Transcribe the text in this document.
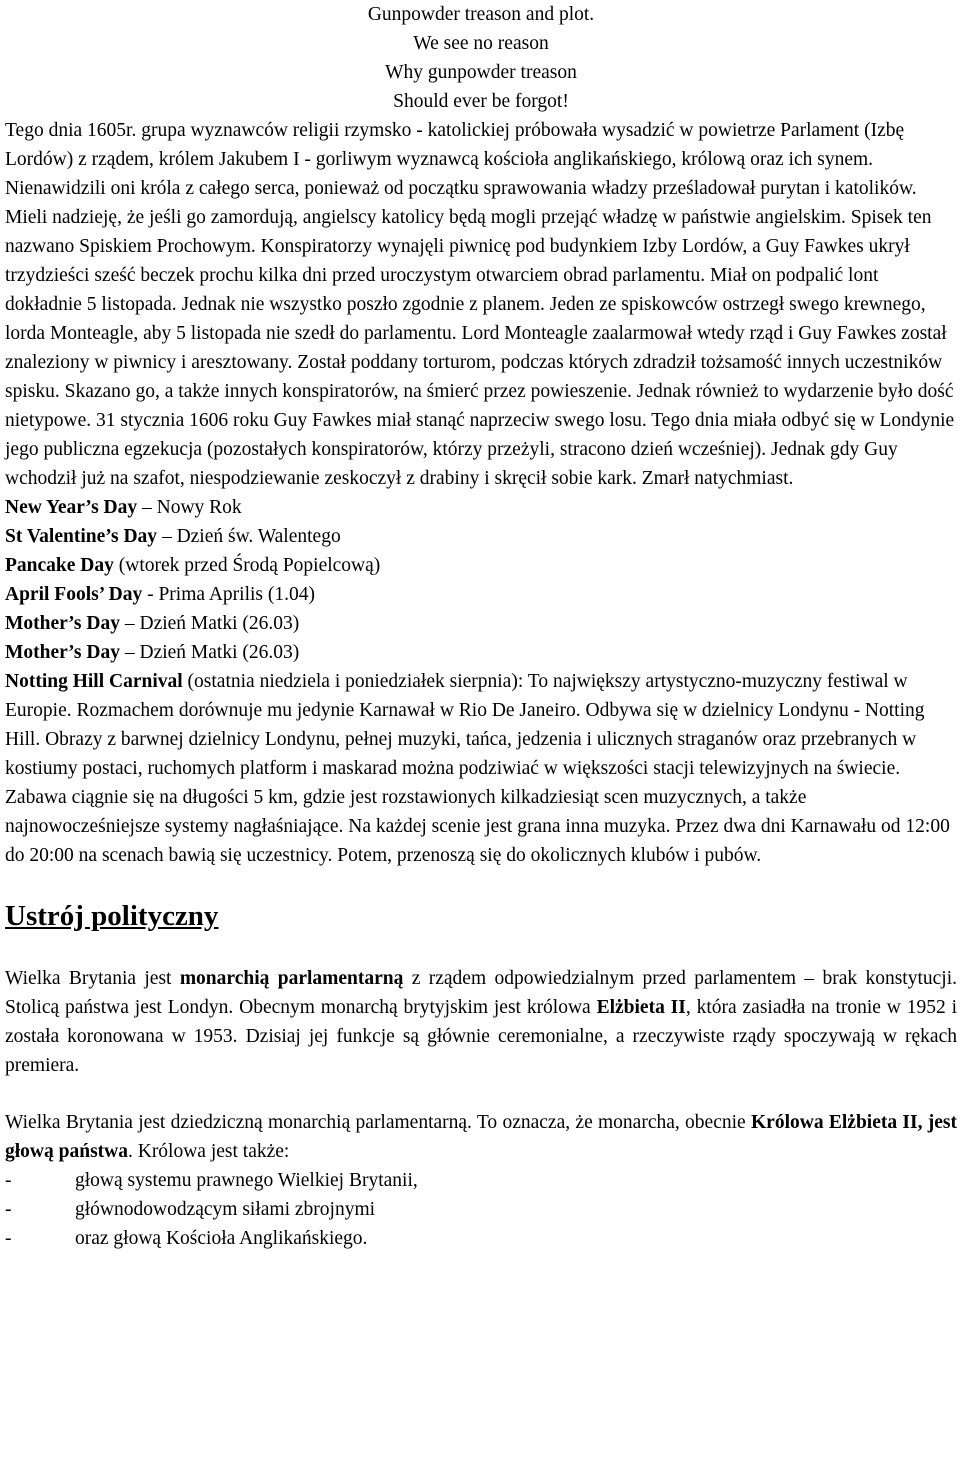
Gunpowder treason and plot.
We see no reason
Why gunpowder treason
Should ever be forgot!

Tego dnia 1605r. grupa wyznawców religii rzymsko - katolickiej próbowała wysadzić w powietrze Parlament (Izbę Lordów) z rządem, królem Jakubem I - gorliwym wyznawcą kościoła anglikańskiego, królową oraz ich synem. Nienawidzili oni króla z całego serca, ponieważ od początku sprawowania władzy prześladował purytan i katolików. Mieli nadzieję, że jeśli go zamordują, angielscy katolicy będą mogli przejąć władzę w państwie angielskim. Spisek ten nazwano Spiskiem Prochowym. Konspiratorzy wynajęli piwnicę pod budynkiem Izby Lordów, a Guy Fawkes ukrył trzydzieści sześć beczek prochu kilka dni przed uroczystym otwarciem obrad parlamentu. Miał on podpalić lont dokładnie 5 listopada. Jednak nie wszystko poszło zgodnie z planem. Jeden ze spiskowców ostrzegł swego krewnego, lorda Monteagle, aby 5 listopada nie szedł do parlamentu. Lord Monteagle zaalarmował wtedy rząd i Guy Fawkes został znaleziony w piwnicy i aresztowany. Został poddany torturom, podczas których zdradził tożsamość innych uczestników spisku. Skazano go, a także innych konspiratorów, na śmierć przez powieszenie. Jednak również to wydarzenie było dość nietypowe. 31 stycznia 1606 roku Guy Fawkes miał stanąć naprzeciw swego losu. Tego dnia miała odbyć się w Londynie jego publiczna egzekucja (pozostałych konspiratorów, którzy przeżyli, stracono dzień wcześniej). Jednak gdy Guy wchodził już na szafot, niespodziewanie zeskoczył z drabiny i skręcił sobie kark. Zmarł natychmiast.

New Year’s Day – Nowy Rok
St Valentine’s Day – Dzień św. Walentego
Pancake Day (wtorek przed Środą Popielcową)
April Fools’ Day - Prima Aprilis (1.04)
Mother’s Day – Dzień Matki (26.03)
Mother’s Day – Dzień Matki (26.03)

Notting Hill Carnival (ostatnia niedziela i poniedziałek sierpnia): To największy artystyczno-muzyczny festiwal w Europie. Rozmachem dorównuje mu jedynie Karnawał w Rio De Janeiro. Odbywa się w dzielnicy Londynu - Notting Hill. Obrazy z barwnej dzielnicy Londynu, pełnej muzyki, tańca, jedzenia i ulicznych straganów oraz przebranych w kostiumy postaci, ruchomych platform i maskarad można podziwiać w większości stacji telewizyjnych na świecie. Zabawa ciągnie się na długości 5 km, gdzie jest rozstawionych kilkadziesiąt scen muzycznych, a także najnowocześniejsze systemy nagłaśniające. Na każdej scenie jest grana inna muzyka. Przez dwa dni Karnawału od 12:00 do 20:00 na scenach bawią się uczestnicy. Potem, przenoszą się do okolicznych klubów i pubów.

Ustrój polityczny

Wielka Brytania jest monarchią parlamentarną z rządem odpowiedzialnym przed parlamentem – brak konstytucji. Stolicą państwa jest Londyn. Obecnym monarchą brytyjskim jest królowa Elżbieta II, która zasiadła na tronie w 1952 i została koronowana w 1953. Dzisiaj jej funkcje są głównie ceremonialne, a rzeczywiste rządy spoczywają w rękach premiera.

Wielka Brytania jest dziedziczną monarchią parlamentarną. To oznacza, że monarcha, obecnie Królowa Elżbieta II, jest głową państwa. Królowa jest także:

-	głową systemu prawnego Wielkiej Brytanii,
-	głównodowodzącym siłami zbrojnymi
-	oraz głową Kościoła Anglikańskiego.
